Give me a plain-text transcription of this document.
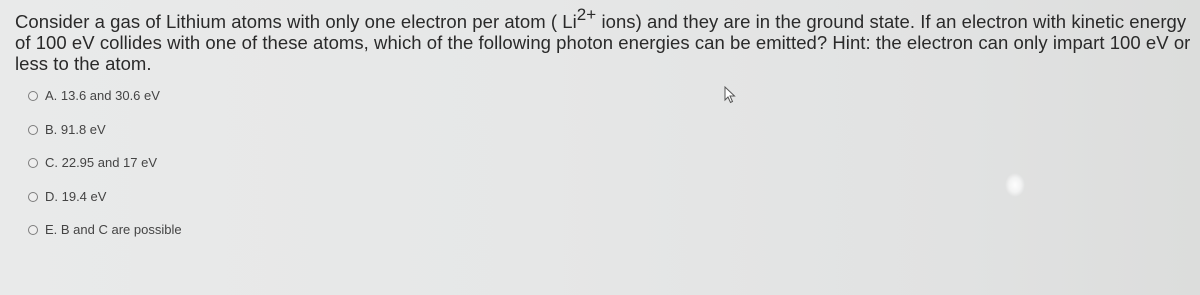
Consider a gas of Lithium atoms with only one electron per atom ( $Li^{2+}$ ions) and they are in the ground state. If an electron with kinetic energy of 100 eV collides with one of these atoms, which of the following photon energies can be emitted? Hint: the electron can only impart 100 eV or less to the atom.
A. 13.6 and 30.6 eV
B. 91.8 eV
C. 22.95 and 17 eV
D. 19.4 eV
E. B and C are possible
